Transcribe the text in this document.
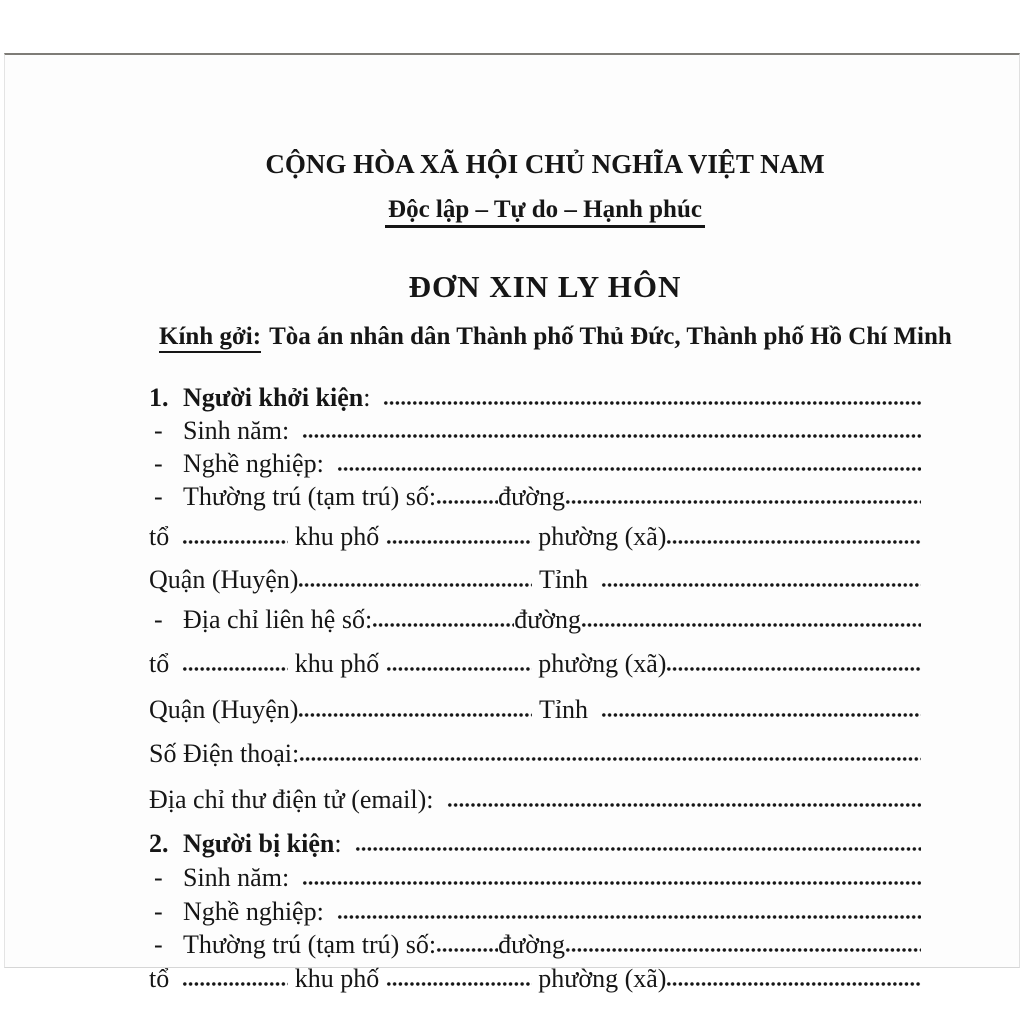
CỘNG HÒA XÃ HỘI CHỦ NGHĨA VIỆT NAM
Độc lập – Tự do – Hạnh phúc
ĐƠN XIN LY HÔN
Kính gởi: Tòa án nhân dân Thành phố Thủ Đức, Thành phố Hồ Chí Minh
1. Người khởi kiện :
- Sinh năm:
- Nghề nghiệp:
- Thường trú (tạm trú) số: đường
tổ	khu phố	phường (xã)
Quận (Huyện)	Tỉnh
- Địa chỉ liên hệ số:	đường
tổ	khu phố	phường (xã)
Quận (Huyện)	Tỉnh
Số Điện thoại:
Địa chỉ thư điện tử (email):
2. Người bị kiện :
- Sinh năm:
- Nghề nghiệp:
- Thường trú (tạm trú) số: đường
tổ	khu phố	phường (xã)
